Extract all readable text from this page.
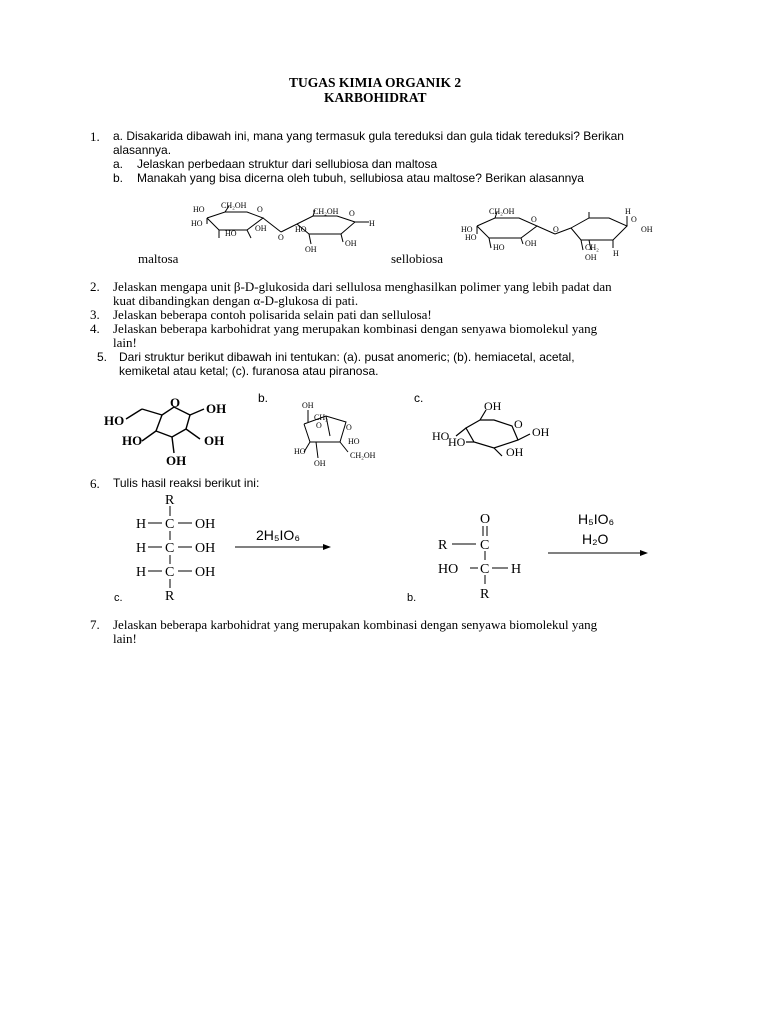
TUGAS KIMIA ORGANIK 2
KARBOHIDRAT
1. a. Disakarida dibawah ini, mana yang termasuk gula tereduksi dan gula tidak tereduksi? Berikan
alasannya.
a. Jelaskan perbedaan struktur dari sellubiosa dan maltosa
b. Manakah yang bisa dicerna oleh tubuh, sellubiosa atau maltose? Berikan alasannya
CH₂OH
HO
HO
HO
OH
O
O
CH₂OH
HO
O
H
OH
OH
CH₂OH
HO
HO
HO	OH
O
O
H
O
OH
CH₂
OH H
maltosa	sellobiosa
2. Jelaskan mengapa unit β-D-glukosida dari sellulosa menghasilkan polimer yang lebih padat dan
kuat dibandingkan dengan α-D-glukosa di pati.
3. Jelaskan beberapa contoh polisarida selain pati dan sellulosa!
4. Jelaskan beberapa karbohidrat yang merupakan kombinasi dengan senyawa biomolekul yang
lain!
5. Dari struktur berikut dibawah ini tentukan: (a). pusat anomeric; (b). hemiacetal, acetal,
kemiketal atau ketal; (c). furanosa atau piranosa.
HO
O OH
OH
HO
OH
b.
OH
CH₂
O	O
HO
HO
OH
CH₂OH
c.
OH
HO
HO
O
OH
OH
6. Tulis hasil reaksi berikut ini:
R
H C OH
H C OH
H C OH
R
2H₅IO₆
c.
O
R C
HO C H
R
H₅IO₆
H₂O
b.
7. Jelaskan beberapa karbohidrat yang merupakan kombinasi dengan senyawa biomolekul yang
lain!
